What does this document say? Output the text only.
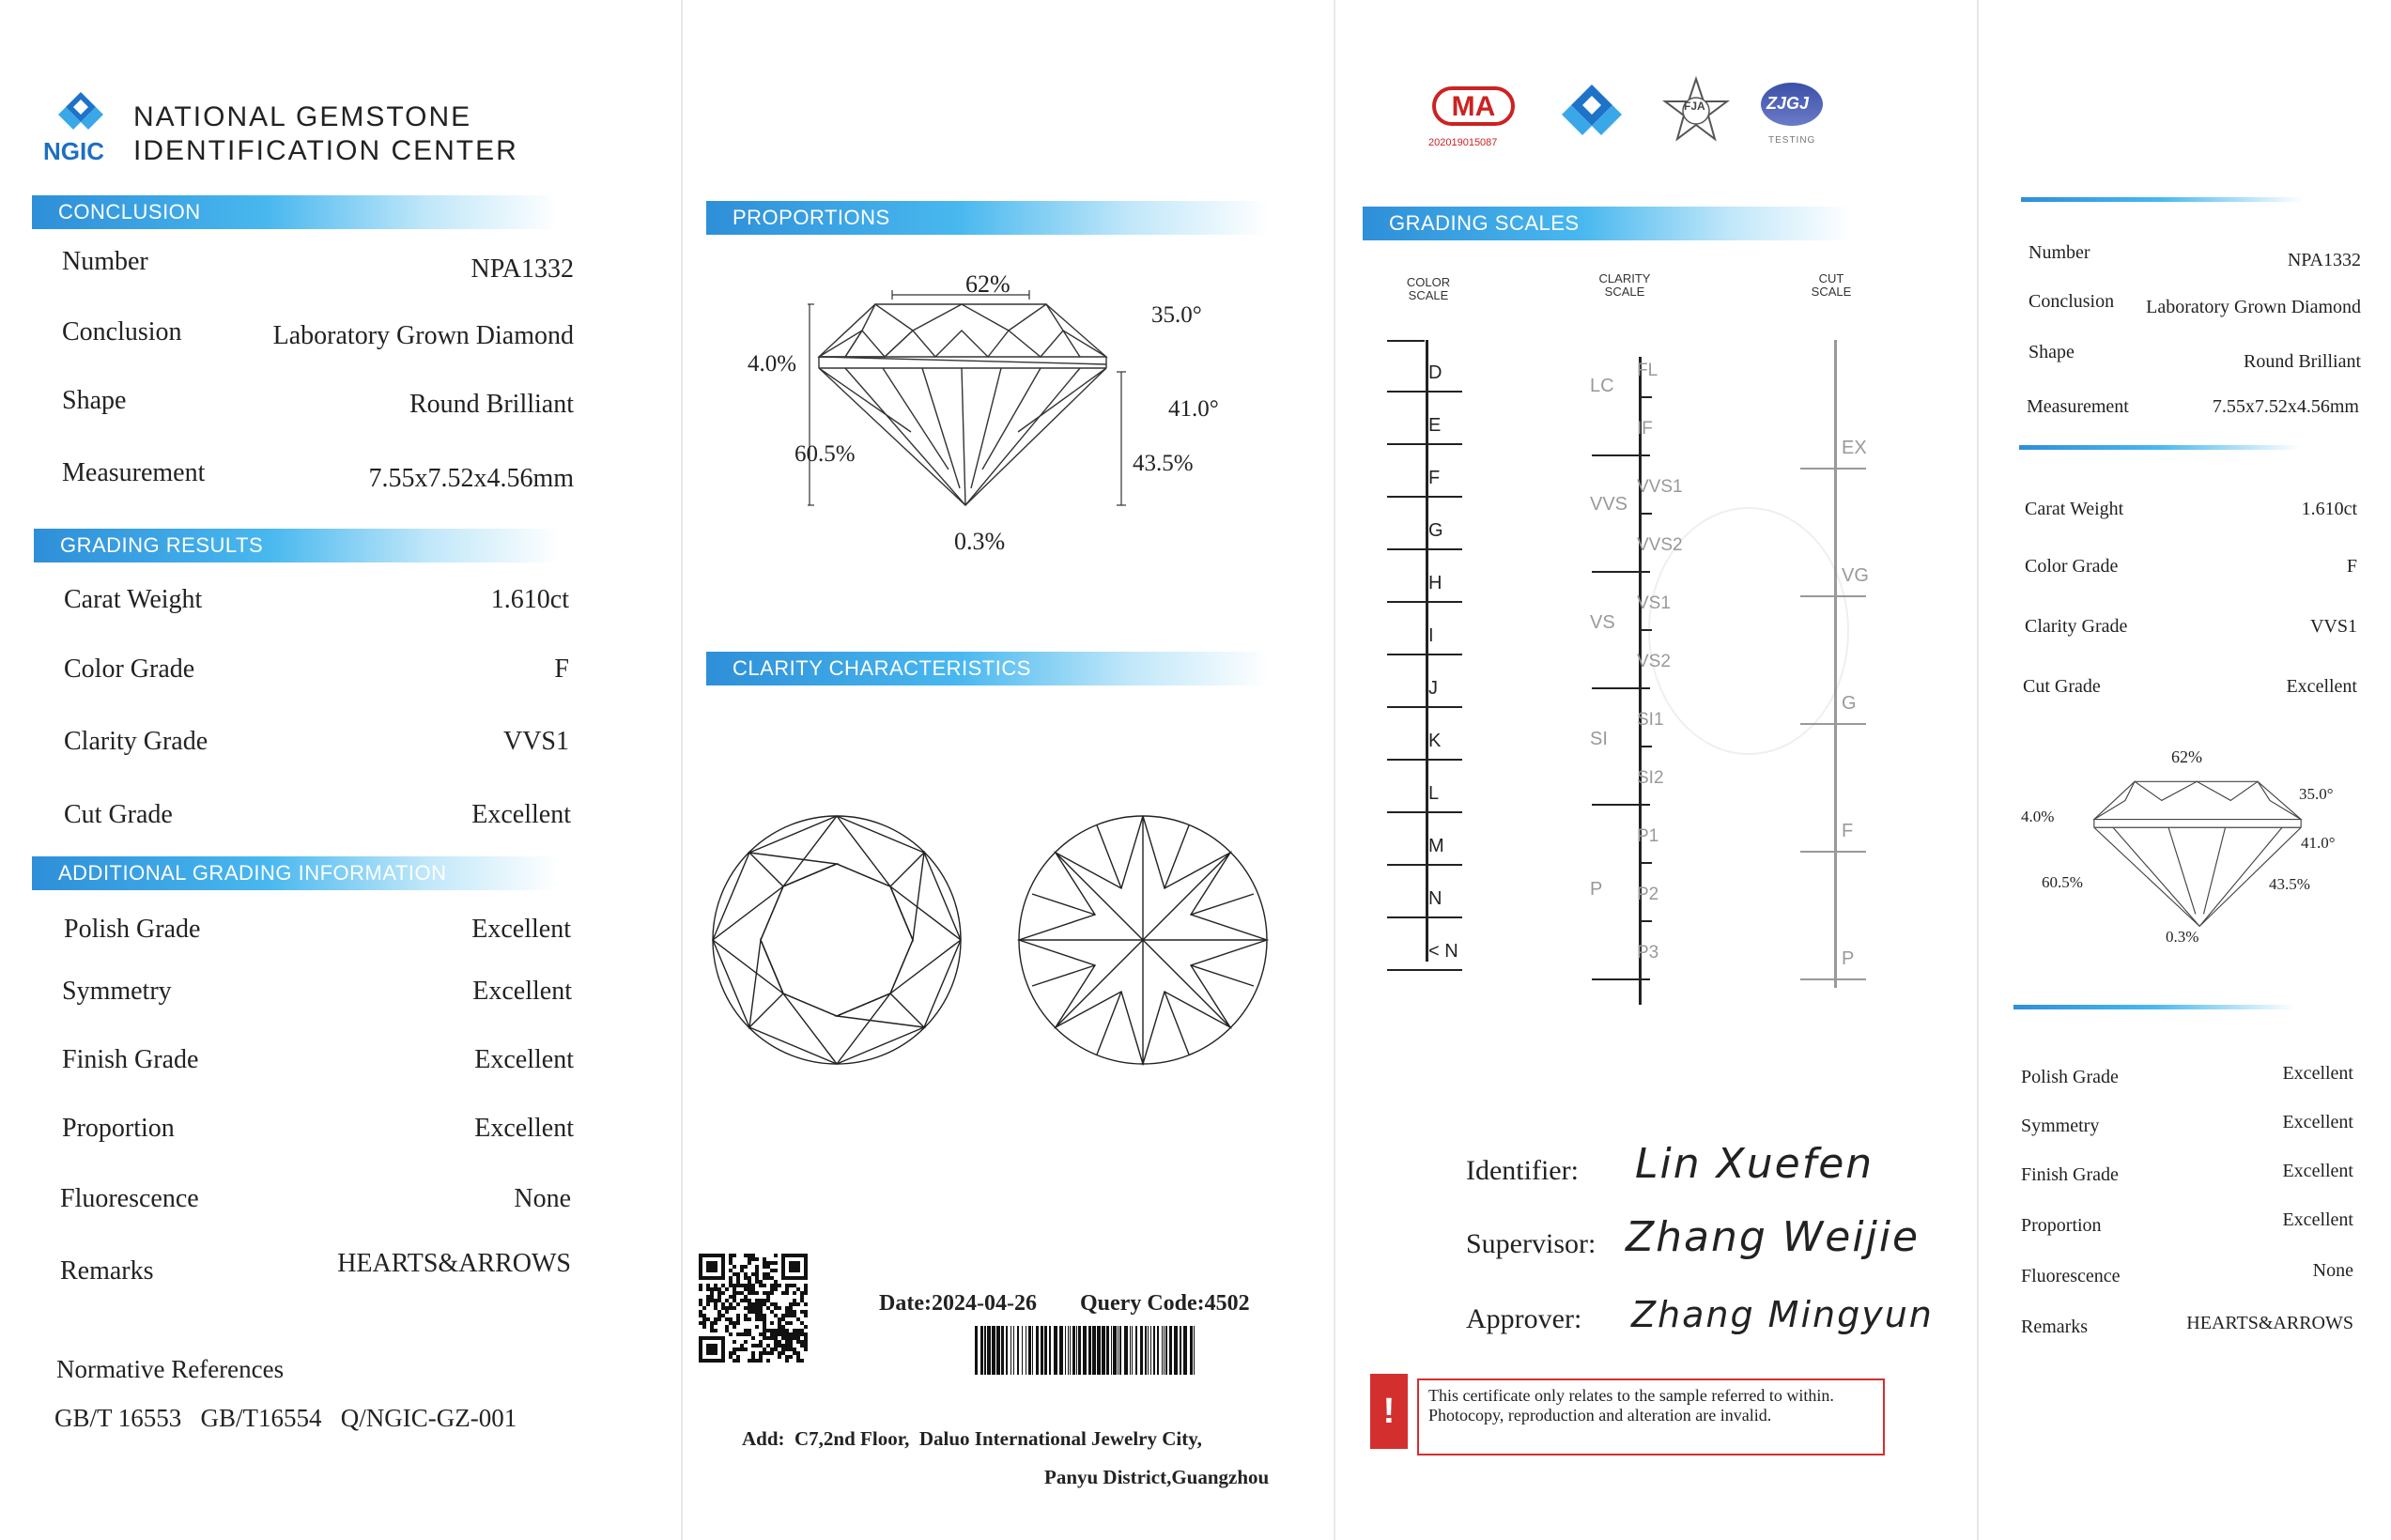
NGIC
NATIONAL GEMSTONE
IDENTIFICATION CENTER
CONCLUSION
Number	NPA1332
Conclusion	Laboratory Grown Diamond
Shape	Round Brilliant
Measurement	7.55x7.52x4.56mm
GRADING RESULTS
Carat Weight	1.610ct
Color Grade	F
Clarity Grade	VVS1
Cut Grade	Excellent
ADDITIONAL GRADING INFORMATION
Polish Grade	Excellent
Symmetry	Excellent
Finish Grade	Excellent
Proportion	Excellent
Fluorescence	None
Remarks	HEARTS&ARROWS
Normative References
GB/T 16553   GB/T16554   Q/NGIC-GZ-001
PROPORTIONS
62%
35.0°
4.0%
41.0°
60.5%	43.5%
0.3%
CLARITY CHARACTERISTICS
Date:2024-04-26 Query Code:4502
Add:  C7,2nd Floor,  Daluo International Jewelry City,
Panyu District,Guangzhou
MA
202019015087
FJA	ZJGJ
TESTING
GRADING SCALES
COLOR SCALE
CLARITY SCALE
CUT SCALE
D
E
F
G
H
I
J
K
L
M
N
< N
FL
IF
VVS1
VVS2
VS1
VS2
SI1
SI2
P1
P2
P3
LC
VVS
VS
SI
P
EX
VG
G
F
P
Identifier: Lin Xuefen
Supervisor: Zhang Weijie
Approver: Zhang Mingyun
!	This certificate only relates to the sample referred to within. Photocopy, reproduction and alteration are invalid.
Number	NPA1332
Conclusion Laboratory Grown Diamond
Shape	Round Brilliant
Measurement	7.55x7.52x4.56mm
Carat Weight	1.610ct
Color Grade	F
Clarity Grade	VVS1
Cut Grade	Excellent
62%
35.0°
4.0%
41.0°
60.5%	43.5%
0.3%
Polish Grade	Excellent
Symmetry	Excellent
Finish Grade	Excellent
Proportion	Excellent
Fluorescence	None
Remarks	HEARTS&ARROWS
